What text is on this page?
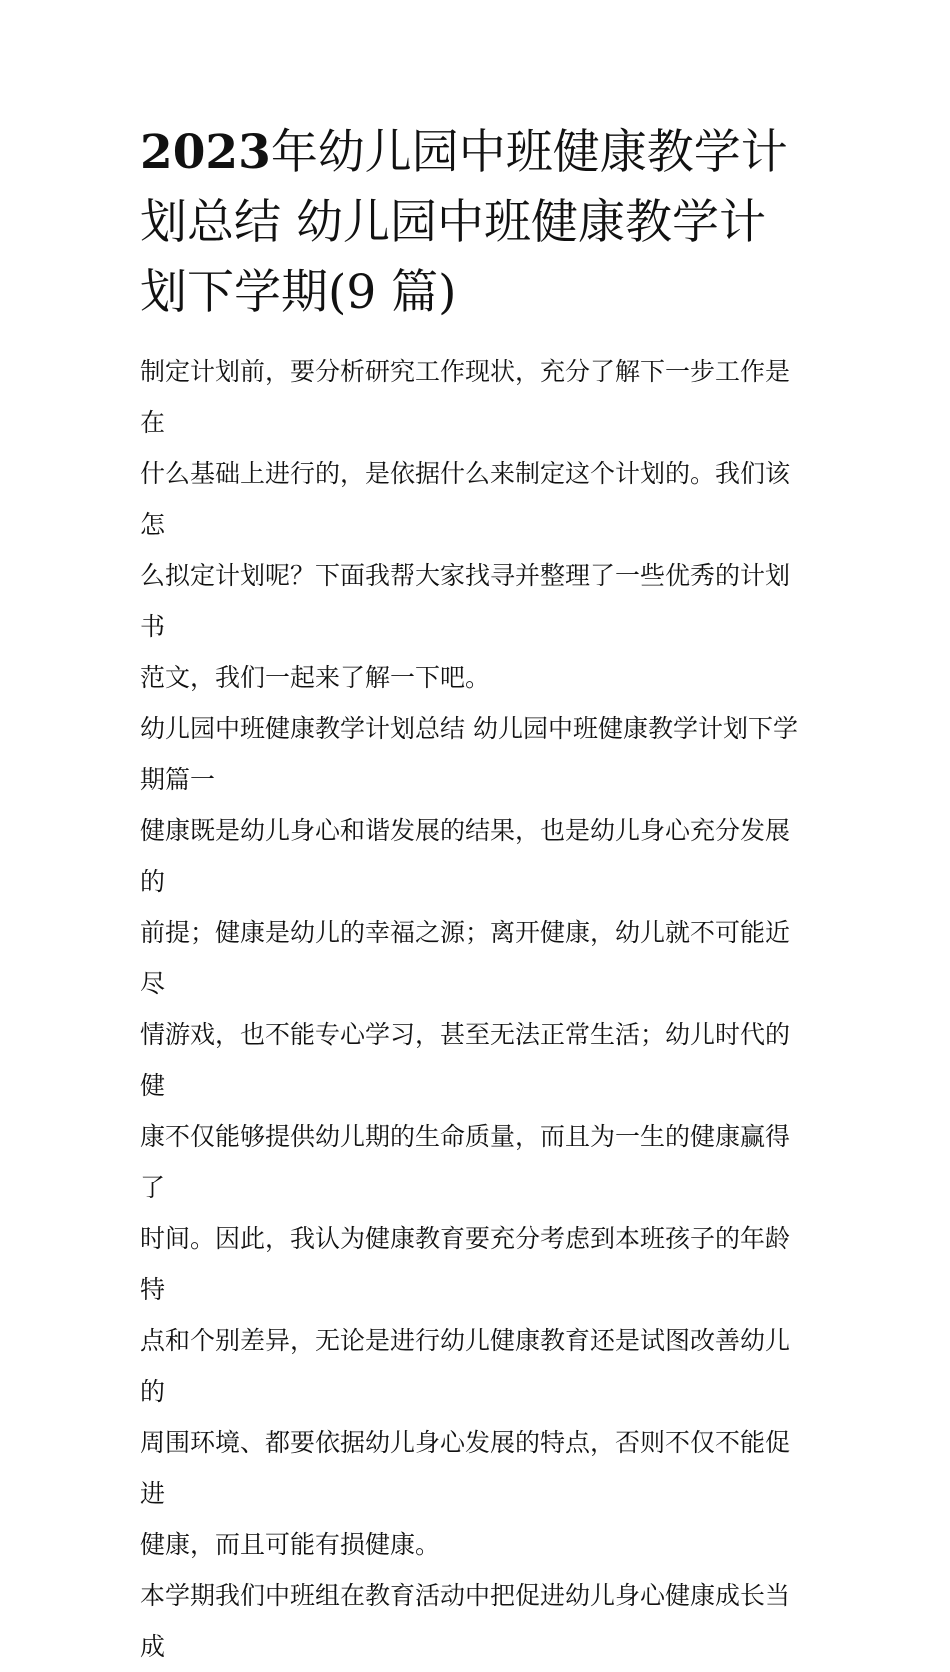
2023年幼儿园中班健康教学计
划总结 幼儿园中班健康教学计
划下学期(9 篇)
制定计划前，要分析研究工作现状，充分了解下一步工作是在
什么基础上进行的，是依据什么来制定这个计划的。我们该怎
么拟定计划呢？下面我帮大家找寻并整理了一些优秀的计划书
范文，我们一起来了解一下吧。
幼儿园中班健康教学计划总结 幼儿园中班健康教学计划下学
期篇一
健康既是幼儿身心和谐发展的结果，也是幼儿身心充分发展的
前提；健康是幼儿的幸福之源；离开健康，幼儿就不可能近尽
情游戏，也不能专心学习，甚至无法正常生活；幼儿时代的健
康不仅能够提供幼儿期的生命质量，而且为一生的健康赢得了
时间。因此，我认为健康教育要充分考虑到本班孩子的年龄特
点和个别差异，无论是进行幼儿健康教育还是试图改善幼儿的
周围环境、都要依据幼儿身心发展的特点，否则不仅不能促进
健康，而且可能有损健康。
本学期我们中班组在教育活动中把促进幼儿身心健康成长当成
